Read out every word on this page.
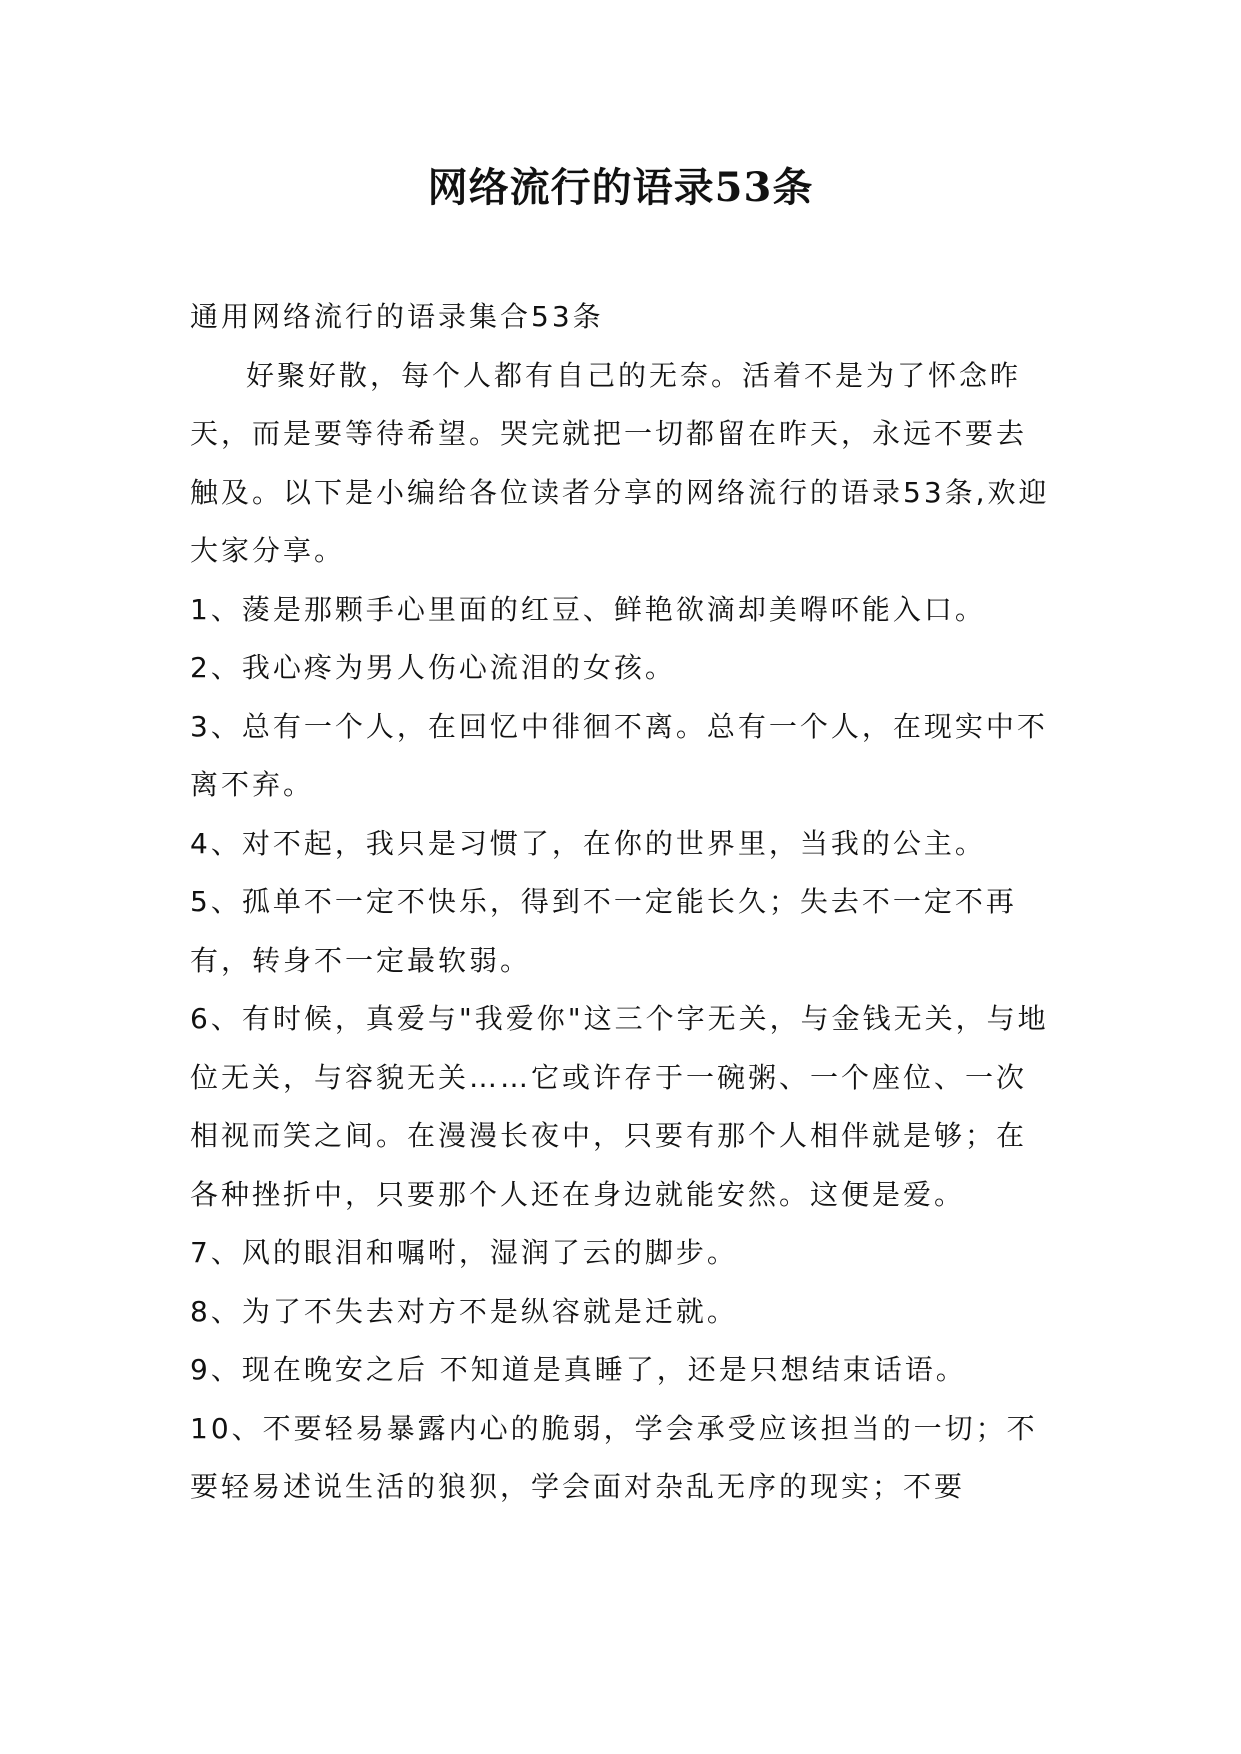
网络流行的语录53条

通用网络流行的语录集合53条

好聚好散，每个人都有自己的无奈。活着不是为了怀念昨天，而是要等待希望。哭完就把一切都留在昨天，永远不要去触及。以下是小编给各位读者分享的网络流行的语录53条,欢迎大家分享。

1、蔆是那颗手心里面的红豆、鲜艳欲滴却美嘚吥能入口。

2、我心疼为男人伤心流泪的女孩。

3、总有一个人，在回忆中徘徊不离。总有一个人，在现实中不离不弃。

4、对不起，我只是习惯了，在你的世界里，当我的公主。

5、孤单不一定不快乐，得到不一定能长久；失去不一定不再有，转身不一定最软弱。

6、有时候，真爱与"我爱你"这三个字无关，与金钱无关，与地位无关，与容貌无关……它或许存于一碗粥、一个座位、一次相视而笑之间。在漫漫长夜中，只要有那个人相伴就是够；在各种挫折中，只要那个人还在身边就能安然。这便是爱。

7、风的眼泪和嘱咐，湿润了云的脚步。

8、为了不失去对方不是纵容就是迁就。

9、现在晚安之后 不知道是真睡了，还是只想结束话语。

10、不要轻易暴露内心的脆弱，学会承受应该担当的一切；不要轻易述说生活的狼狈，学会面对杂乱无序的现实；不要
